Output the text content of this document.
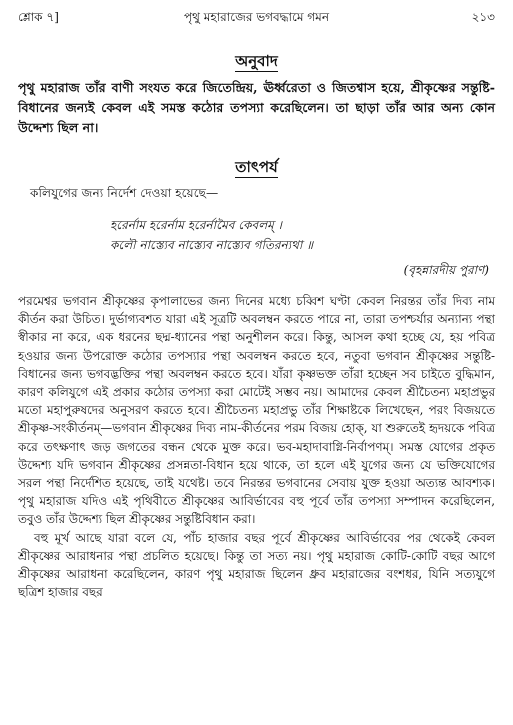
শ্লোক ৭]	পৃথু মহারাজের ভগবদ্ধামে গমন	২১৩
অনুবাদ
পৃথু মহারাজ তাঁর বাণী সংযত করে জিতেন্দ্রিয়, ঊর্ধ্বরেতা ও জিতশ্বাস হয়ে, শ্রীকৃষ্ণের সন্তুষ্টি-বিধানের জন্যই কেবল এই সমস্ত কঠোর তপস্যা করেছিলেন। তা ছাড়া তাঁর আর অন্য কোন উদ্দেশ্য ছিল না।
তাৎপর্য
কলিযুগের জন্য নির্দেশ দেওয়া হয়েছে—
হরের্নাম হরের্নাম হরের্নামৈব কেবলম্‌ ।
কলৌ নাস্ত্যেব নাস্ত্যেব নাস্ত্যেব গতিরন্যথা ॥
(বৃহন্নারদীয় পুরাণ)

পরমেশ্বর ভগবান শ্রীকৃষ্ণের কৃপালাভের জন্য দিনের মধ্যে চব্বিশ ঘণ্টা কেবল নিরন্তর তাঁর দিব্য নাম কীর্তন করা উচিত। দুর্ভাগ্যবশত যারা এই সূত্রটি অবলম্বন করতে পারে না, তারা তপশ্চর্যার অন্যান্য পন্থা স্বীকার না করে, এক ধরনের ছদ্ম-ধ্যানের পন্থা অনুশীলন করে। কিন্তু, আসল কথা হচ্ছে যে, হয় পবিত্র হওয়ার জন্য উপরোক্ত কঠোর তপস্যার পন্থা অবলম্বন করতে হবে, নতুবা ভগবান শ্রীকৃষ্ণের সন্তুষ্টি-বিধানের জন্য ভগবদ্ভক্তির পন্থা অবলম্বন করতে হবে। যাঁরা কৃষ্ণভক্ত তাঁরা হচ্ছেন সব চাইতে বুদ্ধিমান, কারণ কলিযুগে এই প্রকার কঠোর তপস্যা করা মোটেই সম্ভব নয়। আমাদের কেবল শ্রীচৈতন্য মহাপ্রভুর মতো মহাপুরুষদের অনুসরণ করতে হবে। শ্রীচৈতন্য মহাপ্রভু তাঁর শিক্ষাষ্টকে লিখেছেন, পরং বিজয়তে শ্রীকৃষ্ণ-সংকীর্তনম্‌—ভগবান শ্রীকৃষ্ণের দিব্য নাম-কীর্তনের পরম বিজয় হোক্‌, যা শুরুতেই হৃদয়কে পবিত্র করে তৎক্ষণাৎ জড় জগতের বন্ধন থেকে মুক্ত করে। ভব-মহাদাবাগ্নি-নির্বাপণম্‌। সমস্ত যোগের প্রকৃত উদ্দেশ্য যদি ভগবান শ্রীকৃষ্ণের প্রসন্নতা-বিধান হয়ে থাকে, তা হলে এই যুগের জন্য যে ভক্তিযোগের সরল পন্থা নির্দেশিত হয়েছে, তাই যথেষ্ট। তবে নিরন্তর ভগবানের সেবায় যুক্ত হওয়া অত্যন্ত আবশ্যক। পৃথু মহারাজ যদিও এই পৃথিবীতে শ্রীকৃষ্ণের আবির্ভাবের বহু পূর্বে তাঁর তপস্যা সম্পাদন করেছিলেন, তবুও তাঁর উদ্দেশ্য ছিল শ্রীকৃষ্ণের সন্তুষ্টিবিধান করা।

বহু মূর্খ আছে যারা বলে যে, পাঁচ হাজার বছর পূর্বে শ্রীকৃষ্ণের আবির্ভাবের পর থেকেই কেবল শ্রীকৃষ্ণের আরাধনার পন্থা প্রচলিত হয়েছে। কিন্তু তা সত্য নয়। পৃথু মহারাজ কোটি-কোটি বছর আগে শ্রীকৃষ্ণের আরাধনা করেছিলেন, কারণ পৃথু মহারাজ ছিলেন ধ্রুব মহারাজের বংশধর, যিনি সত্যযুগে ছত্রিশ হাজার বছর
